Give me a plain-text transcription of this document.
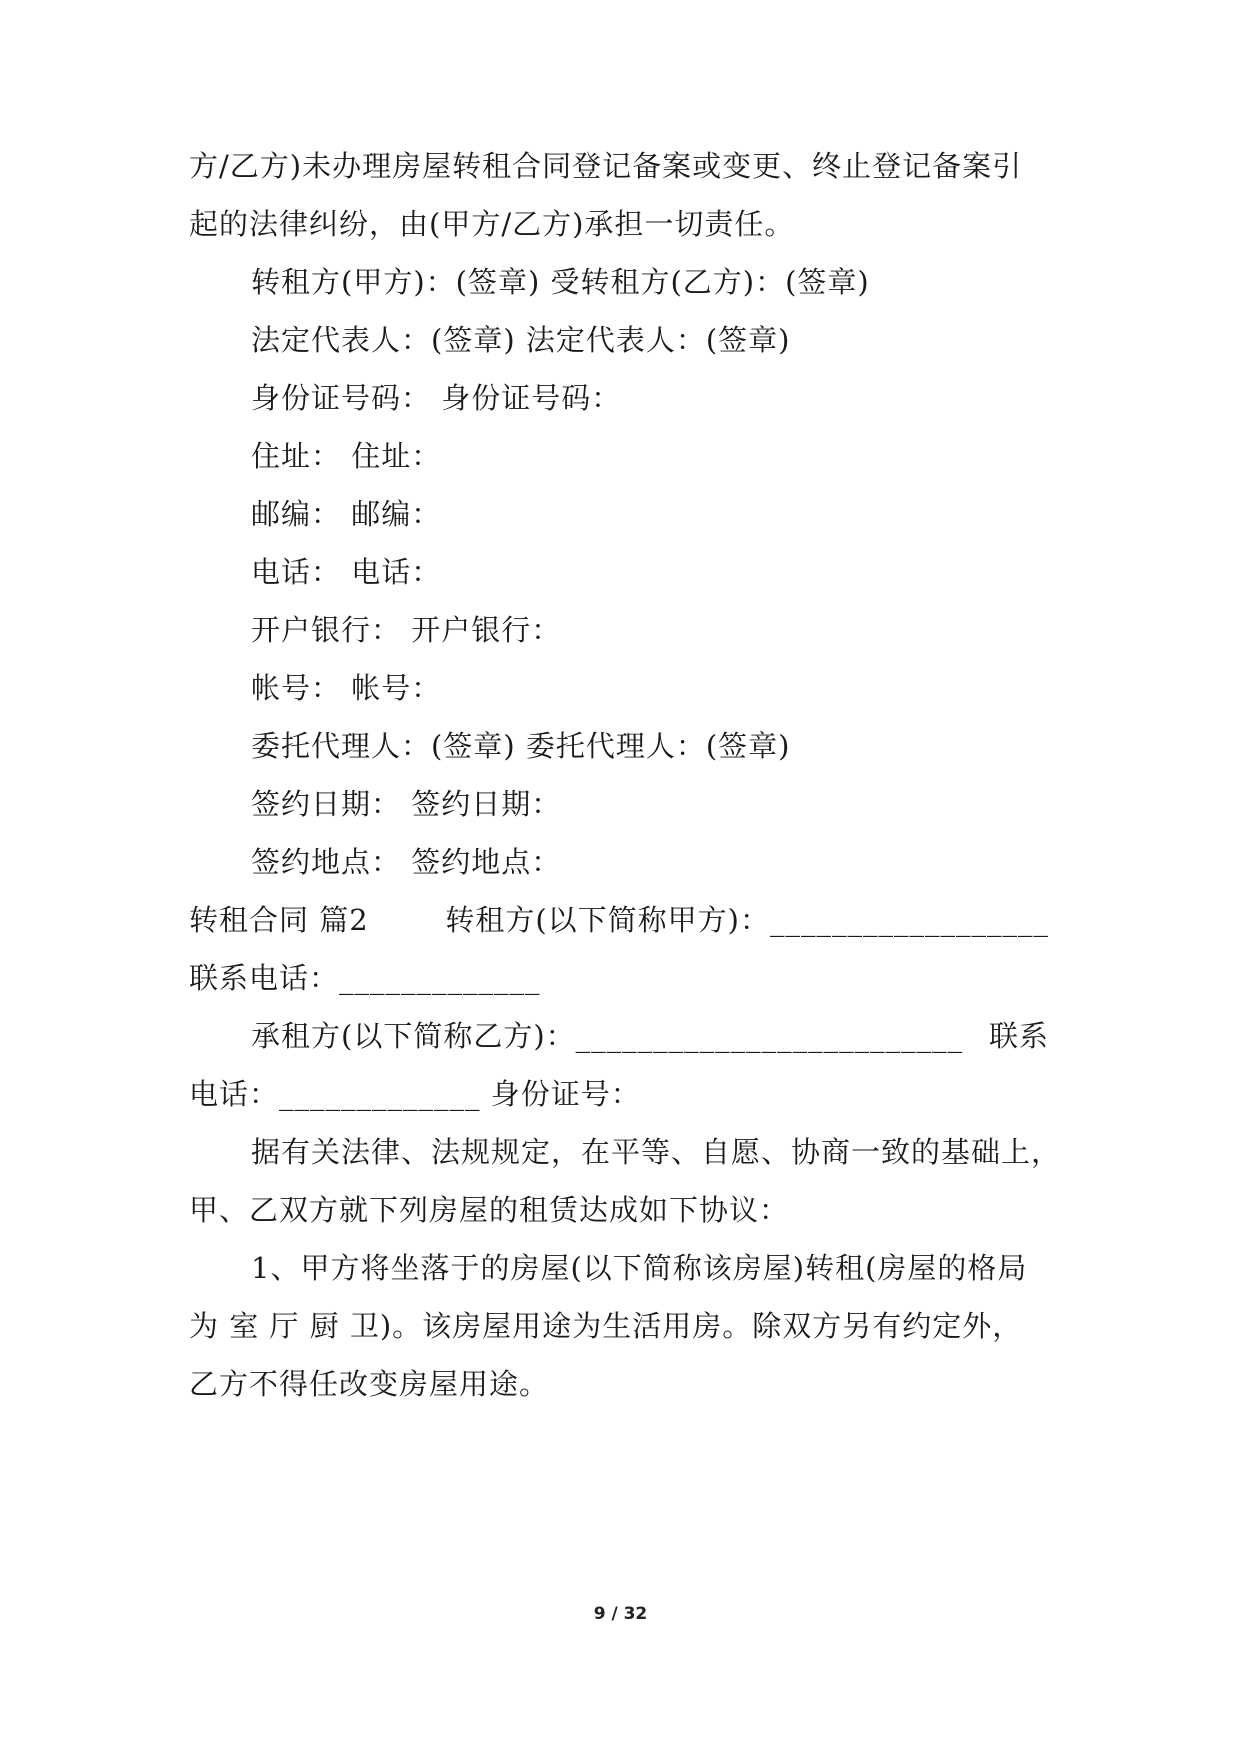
方/乙方)未办理房屋转租合同登记备案或变更、终止登记备案引
起的法律纠纷，由(甲方/乙方)承担一切责任。
转租方(甲方)：(签章) 受转租方(乙方)：(签章)
法定代表人：(签章) 法定代表人：(签章)
身份证号码： 身份证号码：
住址： 住址：
邮编： 邮编：
电话： 电话：
开户银行： 开户银行：
帐号： 帐号：
委托代理人：(签章) 委托代理人：(签章)
签约日期： 签约日期：
签约地点： 签约地点：
转租合同 篇2	转租方(以下简称甲方)：__________________
联系电话：_____________
承租方(以下简称乙方)：_________________________ 联系
电话：_____________ 身份证号：
据有关法律、法规规定，在平等、自愿、协商一致的基础上，
甲、乙双方就下列房屋的租赁达成如下协议：
1、甲方将坐落于的房屋(以下简称该房屋)转租(房屋的格局
为 室 厅 厨 卫)。该房屋用途为生活用房。除双方另有约定外，
乙方不得任改变房屋用途。
9 / 32
